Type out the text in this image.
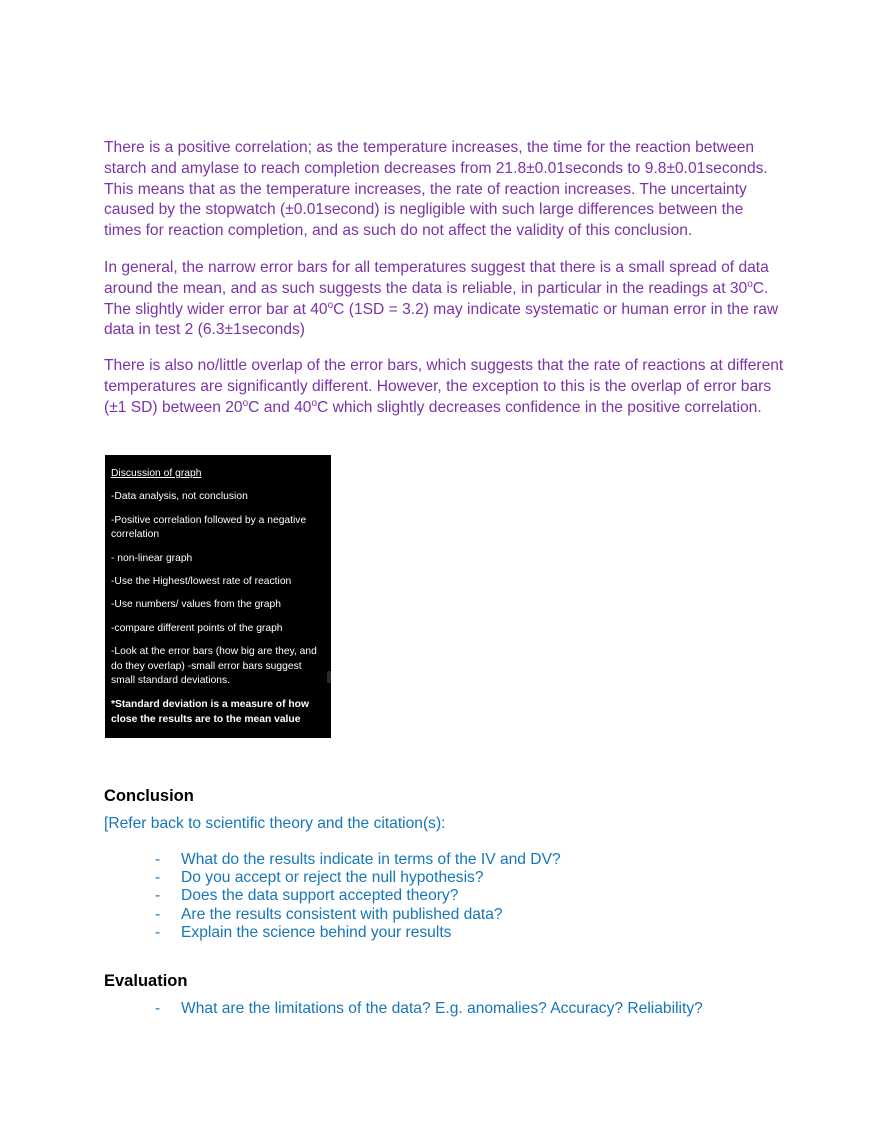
There is a positive correlation; as the temperature increases, the time for the reaction between starch and amylase to reach completion decreases from 21.8±0.01seconds to 9.8±0.01seconds. This means that as the temperature increases, the rate of reaction increases. The uncertainty caused by the stopwatch (±0.01second) is negligible with such large differences between the times for reaction completion, and as such do not affect the validity of this conclusion.

In general, the narrow error bars for all temperatures suggest that there is a small spread of data around the mean, and as such suggests the data is reliable, in particular in the readings at 30$^o$C. The slightly wider error bar at 40$^o$C (1SD = 3.2) may indicate systematic or human error in the raw data in test 2 (6.3±1seconds)

There is also no/little overlap of the error bars, which suggests that the rate of reactions at different temperatures are significantly different. However, the exception to this is the overlap of error bars (±1 SD) between 20$^o$C and 40$^o$C which slightly decreases confidence in the positive correlation.

Discussion of graph

-Data analysis, not conclusion

-Positive correlation followed by a negative correlation

- non-linear graph

-Use the Highest/lowest rate of reaction

-Use numbers/ values from the graph

-compare different points of the graph

-Look at the error bars (how big are they, and do they overlap) -small error bars suggest small standard deviations.

*Standard deviation is a measure of how close the results are to the mean value

Conclusion

[Refer back to scientific theory and the citation(s):

-	What do the results indicate in terms of the IV and DV?
-	Do you accept or reject the null hypothesis?
-	Does the data support accepted theory?
-	Are the results consistent with published data?
-	Explain the science behind your results
Evaluation
-	What are the limitations of the data? E.g. anomalies? Accuracy? Reliability?
